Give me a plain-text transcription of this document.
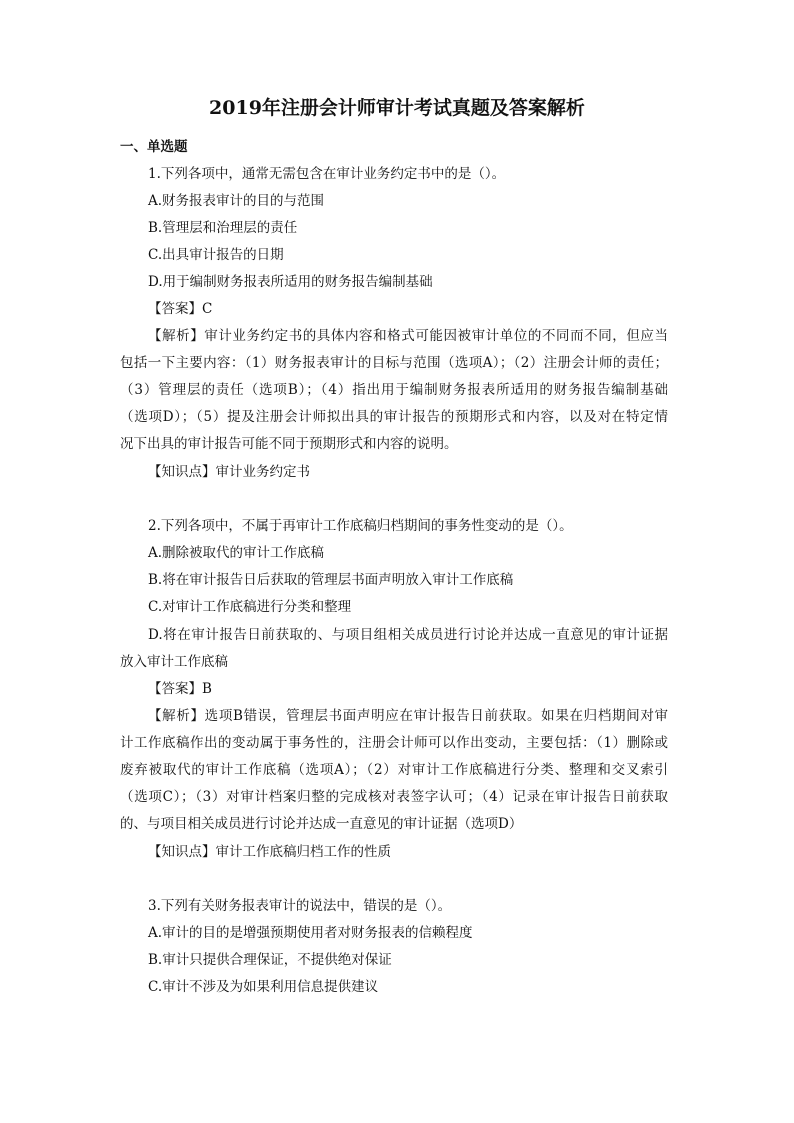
2019年注册会计师审计考试真题及答案解析

一、单选题

1.下列各项中，通常无需包含在审计业务约定书中的是（）。

A.财务报表审计的目的与范围

B.管理层和治理层的责任

C.出具审计报告的日期

D.用于编制财务报表所适用的财务报告编制基础

【答案】C

【解析】审计业务约定书的具体内容和格式可能因被审计单位的不同而不同，但应当

包括一下主要内容：（1）财务报表审计的目标与范围（选项A）；（2）注册会计师的责任；

（3）管理层的责任（选项B）；（4）指出用于编制财务报表所适用的财务报告编制基础

（选项D）；（5）提及注册会计师拟出具的审计报告的预期形式和内容，以及对在特定情

况下出具的审计报告可能不同于预期形式和内容的说明。

【知识点】审计业务约定书

2.下列各项中，不属于再审计工作底稿归档期间的事务性变动的是（）。

A.删除被取代的审计工作底稿

B.将在审计报告日后获取的管理层书面声明放入审计工作底稿

C.对审计工作底稿进行分类和整理

D.将在审计报告日前获取的、与项目组相关成员进行讨论并达成一直意见的审计证据

放入审计工作底稿

【答案】B

【解析】选项B错误，管理层书面声明应在审计报告日前获取。如果在归档期间对审

计工作底稿作出的变动属于事务性的，注册会计师可以作出变动，主要包括：（1）删除或

废弃被取代的审计工作底稿（选项A）；（2）对审计工作底稿进行分类、整理和交叉索引

（选项C）；（3）对审计档案归整的完成核对表签字认可；（4）记录在审计报告日前获取

的、与项目相关成员进行讨论并达成一直意见的审计证据（选项D）

【知识点】审计工作底稿归档工作的性质

3.下列有关财务报表审计的说法中，错误的是（）。

A.审计的目的是增强预期使用者对财务报表的信赖程度

B.审计只提供合理保证，不提供绝对保证

C.审计不涉及为如果利用信息提供建议
